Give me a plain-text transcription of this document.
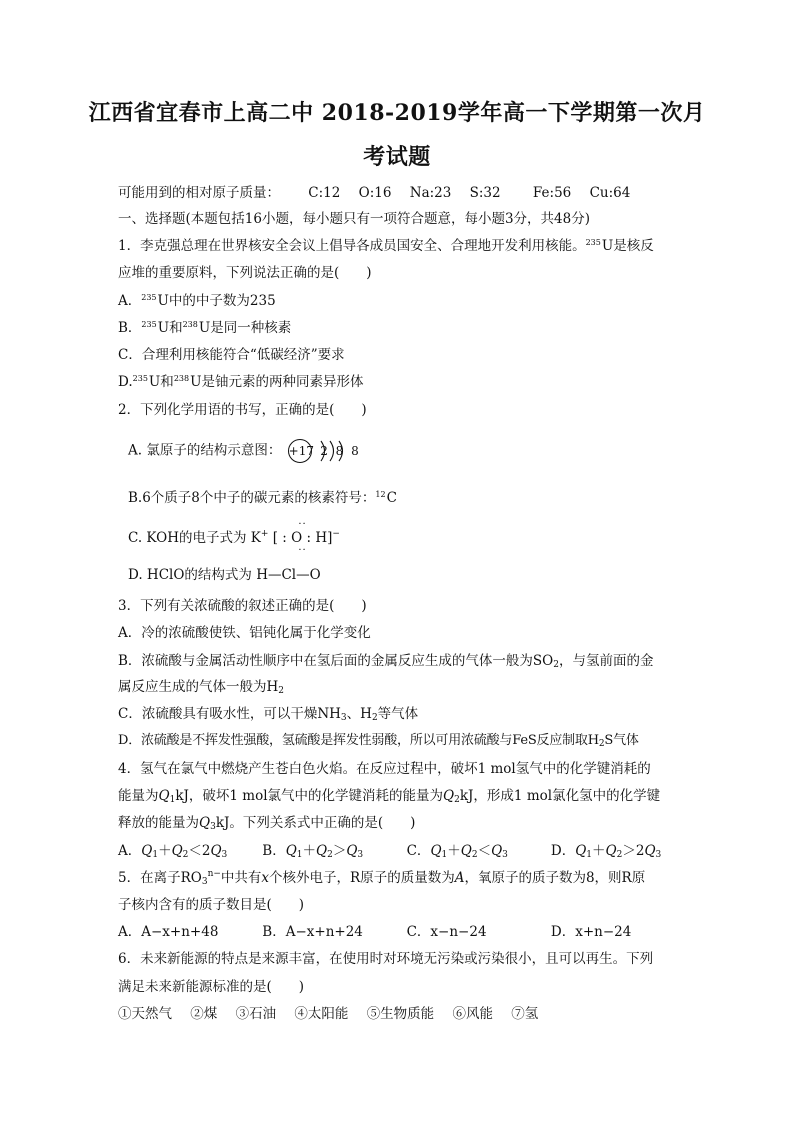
江西省宜春市上高二中 2018-2019学年高一下学期第一次月
考试题
可能用到的相对原子质量： C:12 O:16 Na:23 S:32 Fe:56 Cu:64
一、选择题(本题包括16小题，每小题只有一项符合题意，每小题3分，共48分)
1．李克强总理在世界核安全会议上倡导各成员国安全、合理地开发利用核能。$^{235}$U是核反
应堆的重要原料，下列说法正确的是(　　)
A．$^{235}$U中的中子数为235
B．$^{235}$U和$^{238}$U是同一种核素
C．合理利用核能符合“低碳经济”要求
D.$^{235}$U和$^{238}$U是铀元素的两种同素异形体
2．下列化学用语的书写，正确的是(　　)
A. 氯原子的结构示意图： +17 2 8 8
B.6个质子8个中子的碳元素的核素符号：$^{12}$C
C. KOH的电子式为 K+
··
[ : O : H]
··
−
D. HClO的结构式为 H—Cl—O
3．下列有关浓硫酸的叙述正确的是(　　)
A．冷的浓硫酸使铁、铝钝化属于化学变化
B．浓硫酸与金属活动性顺序中在氢后面的金属反应生成的气体一般为$SO_2$，与氢前面的金
属反应生成的气体一般为$H_2$
C．浓硫酸具有吸水性，可以干燥$NH_3$、$H_2$等气体
D．浓硫酸是不挥发性强酸，氢硫酸是挥发性弱酸，所以可用浓硫酸与FeS反应制取$H_2S$气体
4．氢气在氯气中燃烧产生苍白色火焰。在反应过程中，破坏1 mol氢气中的化学键消耗的
能量为$Q_1kJ$，破坏1 mol氯气中的化学键消耗的能量为$Q_2kJ$，形成1 mol氯化氢中的化学键
释放的能量为$Q_3kJ$。下列关系式中正确的是(　　)
A．$Q_1+Q_2<2Q_3$	B．$Q_1+Q_2>Q_3$	C．$Q_1+Q_2<Q_3$	D．$Q_1+Q_2>2Q_3$
5．在离子$RO_3^{n-}$中共有x个核外电子，R原子的质量数为A，氧原子的质子数为8，则R原
子核内含有的质子数目是(　　)
A．A−x+n+48	B．A−x+n+24	C．x−n−24	D．x+n−24
6．未来新能源的特点是来源丰富，在使用时对环境无污染或污染很小，且可以再生。下列
满足未来新能源标准的是(　　)
①天然气 ②煤 ③石油 ④太阳能 ⑤生物质能 ⑥风能 ⑦氢
